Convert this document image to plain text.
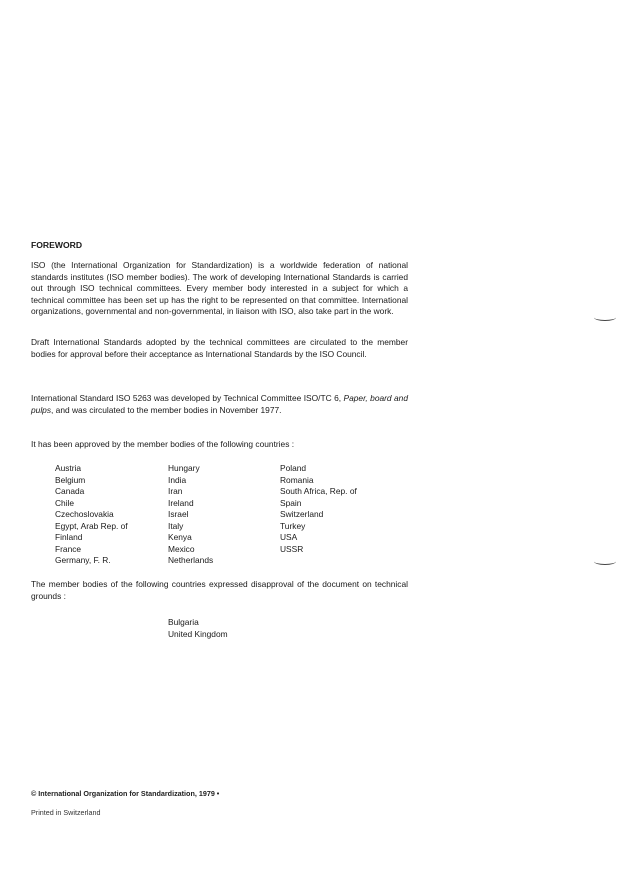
FOREWORD

ISO (the International Organization for Standardization) is a worldwide federation of national standards institutes (ISO member bodies). The work of developing International Standards is carried out through ISO technical committees. Every member body interested in a subject for which a technical committee has been set up has the right to be represented on that committee. International organizations, governmental and non-governmental, in liaison with ISO, also take part in the work.

Draft International Standards adopted by the technical committees are circulated to the member bodies for approval before their acceptance as International Standards by the ISO Council.

International Standard ISO 5263 was developed by Technical Committee ISO/TC 6, Paper, board and pulps, and was circulated to the member bodies in November 1977.

It has been approved by the member bodies of the following countries :
Austria
Belgium
Canada
Chile
Czechoslovakia
Egypt, Arab Rep. of
Finland
France
Germany, F. R.
Hungary
India
Iran
Ireland
Israel
Italy
Kenya
Mexico
Netherlands
Poland
Romania
South Africa, Rep. of
Spain
Switzerland
Turkey
USA
USSR
The member bodies of the following countries expressed disapproval of the document on technical grounds :
Bulgaria
United Kingdom
© International Organization for Standardization, 1979 •
Printed in Switzerland
